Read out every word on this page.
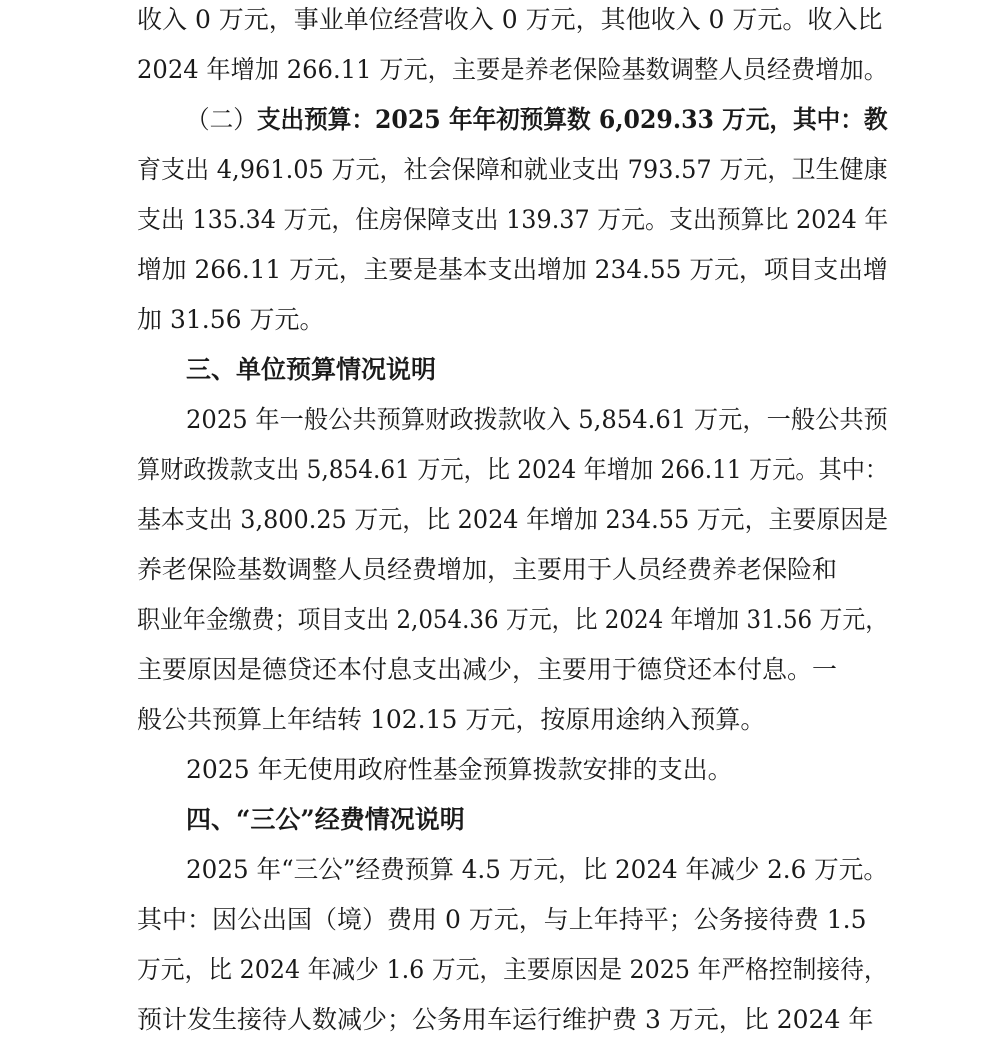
收入 0 万元，事业单位经营收入 0 万元，其他收入 0 万元。收入比
2024 年增加 266.11 万元，主要是养老保险基数调整人员经费增加。
（二）支出预算：2025 年年初预算数 6,029.33 万元，其中：教
育支出 4,961.05 万元，社会保障和就业支出 793.57 万元，卫生健康
支出 135.34 万元，住房保障支出 139.37 万元。支出预算比 2024 年
增加 266.11 万元，主要是基本支出增加 234.55 万元，项目支出增
加 31.56 万元。
三、单位预算情况说明
2025 年一般公共预算财政拨款收入 5,854.61 万元，一般公共预
算财政拨款支出 5,854.61 万元，比 2024 年增加 266.11 万元。其中：
基本支出 3,800.25 万元，比 2024 年增加 234.55 万元，主要原因是
养老保险基数调整人员经费增加，主要用于人员经费养老保险和
职业年金缴费；项目支出 2,054.36 万元，比 2024 年增加 31.56 万元，
主要原因是德贷还本付息支出减少，主要用于德贷还本付息。一
般公共预算上年结转 102.15 万元，按原用途纳入预算。
2025 年无使用政府性基金预算拨款安排的支出。
四、“三公”经费情况说明
2025 年“三公”经费预算 4.5 万元，比 2024 年减少 2.6 万元。
其中：因公出国（境）费用 0 万元，与上年持平；公务接待费 1.5
万元，比 2024 年减少 1.6 万元，主要原因是 2025 年严格控制接待，
预计发生接待人数减少；公务用车运行维护费 3 万元，比 2024 年
